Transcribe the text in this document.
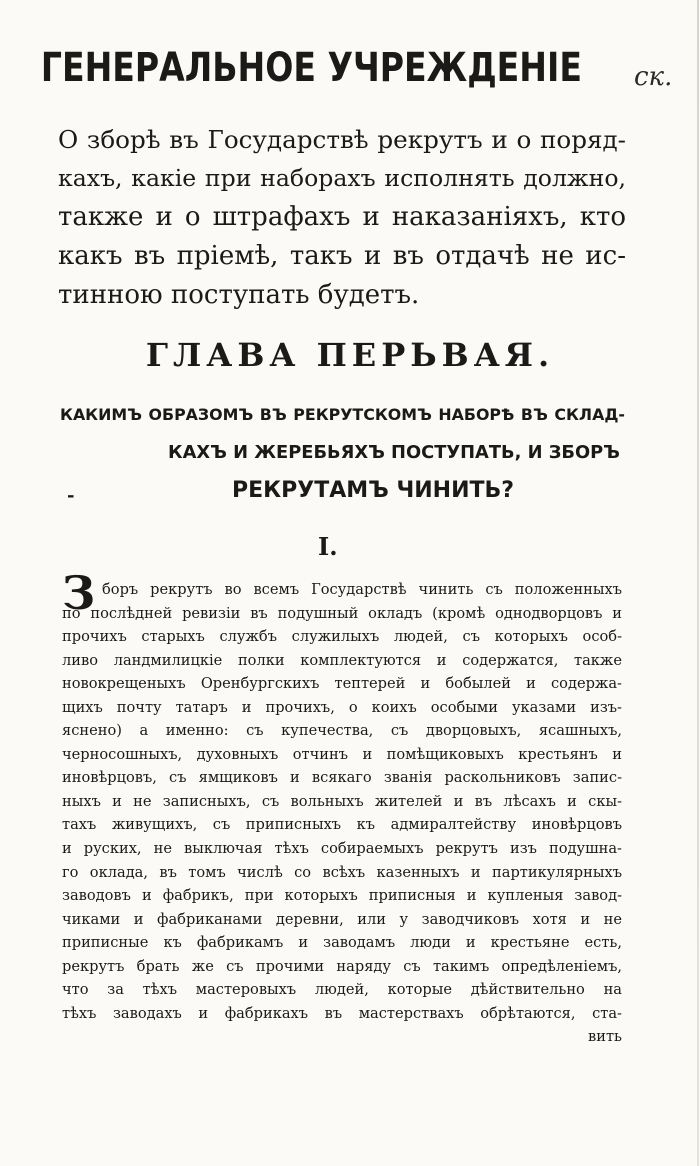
ГЕНЕРАЛЬНОЕ УЧРЕЖДЕНІЕ ск.
О зборѣ въ Государствѣ рекрутъ и о поряд-
кахъ, какіе при наборахъ исполнять должно,
также и о штрафахъ и наказаніяхъ, кто
какъ въ пріемѣ, такъ и въ отдачѣ не ис-
тинною поступать будетъ.
ГЛАВА ПЕРЬВАЯ.
КАКИМЪ ОБРАЗОМЪ ВЪ РЕКРУТСКОМЪ НАБОРѢ ВЪ СКЛАД-
КАХЪ И ЖЕРЕБЬЯХЪ ПОСТУПАТЬ, И ЗБОРЪ
РЕКРУТАМЪ ЧИНИТЬ?
-
I.
З боръ рекрутъ во всемъ Государствѣ чинить съ положенныхъ
по послѣдней ревизіи въ подушный окладъ (кромѣ однодворцовъ и
прочихъ старыхъ службъ служилыхъ людей, съ которыхъ особ-
ливо ландмилицкіе полки комплектуются и содержатся, также
новокрещеныхъ Оренбургскихъ тептерей и бобылей и содержа-
щихъ почту татаръ и прочихъ, о коихъ особыми указами изъ-
яснено) а именно: съ купечества, съ дворцовыхъ, ясашныхъ,
черносошныхъ, духовныхъ отчинъ и помѣщиковыхъ крестьянъ и
иновѣрцовъ, съ ямщиковъ и всякаго званія раскольниковъ запис-
ныхъ и не записныхъ, съ вольныхъ жителей и въ лѣсахъ и скы-
тахъ живущихъ, съ приписныхъ къ адмиралтейству иновѣрцовъ
и руских, не выключая тѣхъ собираемыхъ рекрутъ изъ подушна-
го оклада, въ томъ числѣ со всѣхъ казенныхъ и партикулярныхъ
заводовъ и фабрикъ, при которыхъ приписныя и купленыя завод-
чиками и фабриканами деревни, или у заводчиковъ хотя и не
приписные къ фабрикамъ и заводамъ люди и крестьяне есть,
рекрутъ брать же съ прочими наряду съ такимъ опредѣленіемъ,
что за тѣхъ мастеровыхъ людей, которые дѣйствительно на
тѣхъ заводахъ и фабрикахъ въ мастерствахъ обрѣтаются, ста-
вить
